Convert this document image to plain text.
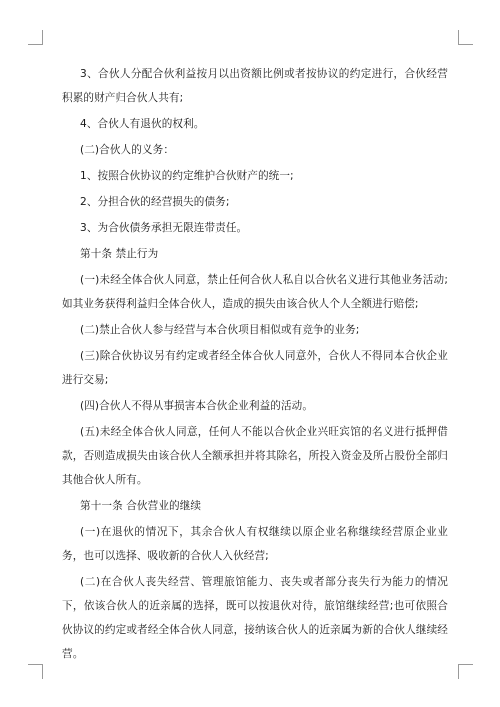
3、合伙人分配合伙利益按月以出资额比例或者按协议的约定进行，合伙经营积累的财产归合伙人共有;

4、合伙人有退伙的权利。

(二)合伙人的义务：

1、按照合伙协议的约定维护合伙财产的统一;

2、分担合伙的经营损失的债务;

3、为合伙债务承担无限连带责任。

第十条 禁止行为

(一)未经全体合伙人同意，禁止任何合伙人私自以合伙名义进行其他业务活动;如其业务获得利益归全体合伙人，造成的损失由该合伙人个人全额进行赔偿;

(二)禁止合伙人参与经营与本合伙项目相似或有竞争的业务;

(三)除合伙协议另有约定或者经全体合伙人同意外，合伙人不得同本合伙企业进行交易;

(四)合伙人不得从事损害本合伙企业利益的活动。

(五)未经全体合伙人同意，任何人不能以合伙企业兴旺宾馆的名义进行抵押借款，否则造成损失由该合伙人全额承担并将其除名，所投入资金及所占股份全部归其他合伙人所有。

第十一条 合伙营业的继续

(一)在退伙的情况下，其余合伙人有权继续以原企业名称继续经营原企业业务，也可以选择、吸收新的合伙人入伙经营;

(二)在合伙人丧失经营、管理旅馆能力、丧失或者部分丧失行为能力的情况下，依该合伙人的近亲属的选择，既可以按退伙对待，旅馆继续经营;也可依照合伙协议的约定或者经全体合伙人同意，接纳该合伙人的近亲属为新的合伙人继续经营。
